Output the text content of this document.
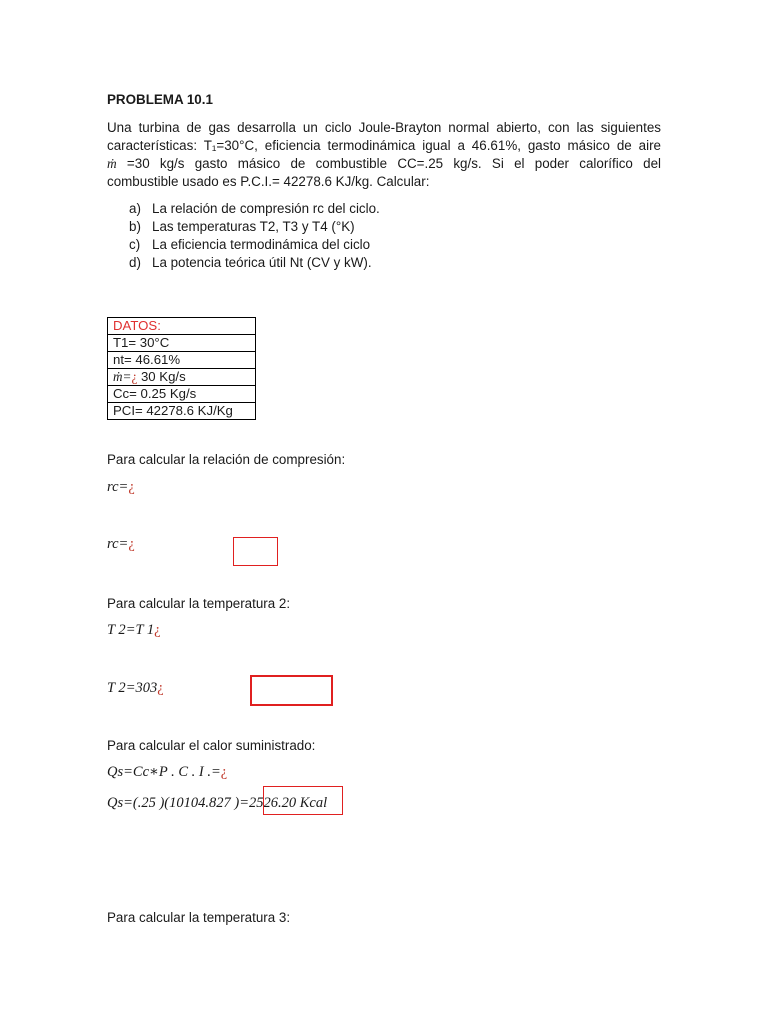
PROBLEMA 10.1
Una turbina de gas desarrolla un ciclo Joule-Brayton normal abierto, con las siguientes
características: T₁=30°C, eficiencia termodinámica igual a 46.61%, gasto másico de aire
ṁ =30 kg/s gasto másico de combustible CC=.25 kg/s. Si el poder calorífico del
combustible usado es P.C.I.= 42278.6 KJ/kg. Calcular:
a) La relación de compresión rc del ciclo.
b) Las temperaturas T2, T3 y T4 (°K)
c) La eficiencia termodinámica del ciclo
d) La potencia teórica útil Nt (CV y kW).
DATOS:
T1= 30°C
nt= 46.61%
ṁ=¿ 30 Kg/s
Cc= 0.25 Kg/s
PCI= 42278.6 KJ/Kg
Para calcular la relación de compresión:
rc=¿
rc=¿
Para calcular la temperatura 2:
T 2=T 1¿
T 2=303¿
Para calcular el calor suministrado:
Qs=Cc∗P . C . I .=¿
Qs=(.25 )(10104.827 )=2526.20 Kcal
Para calcular la temperatura 3:
